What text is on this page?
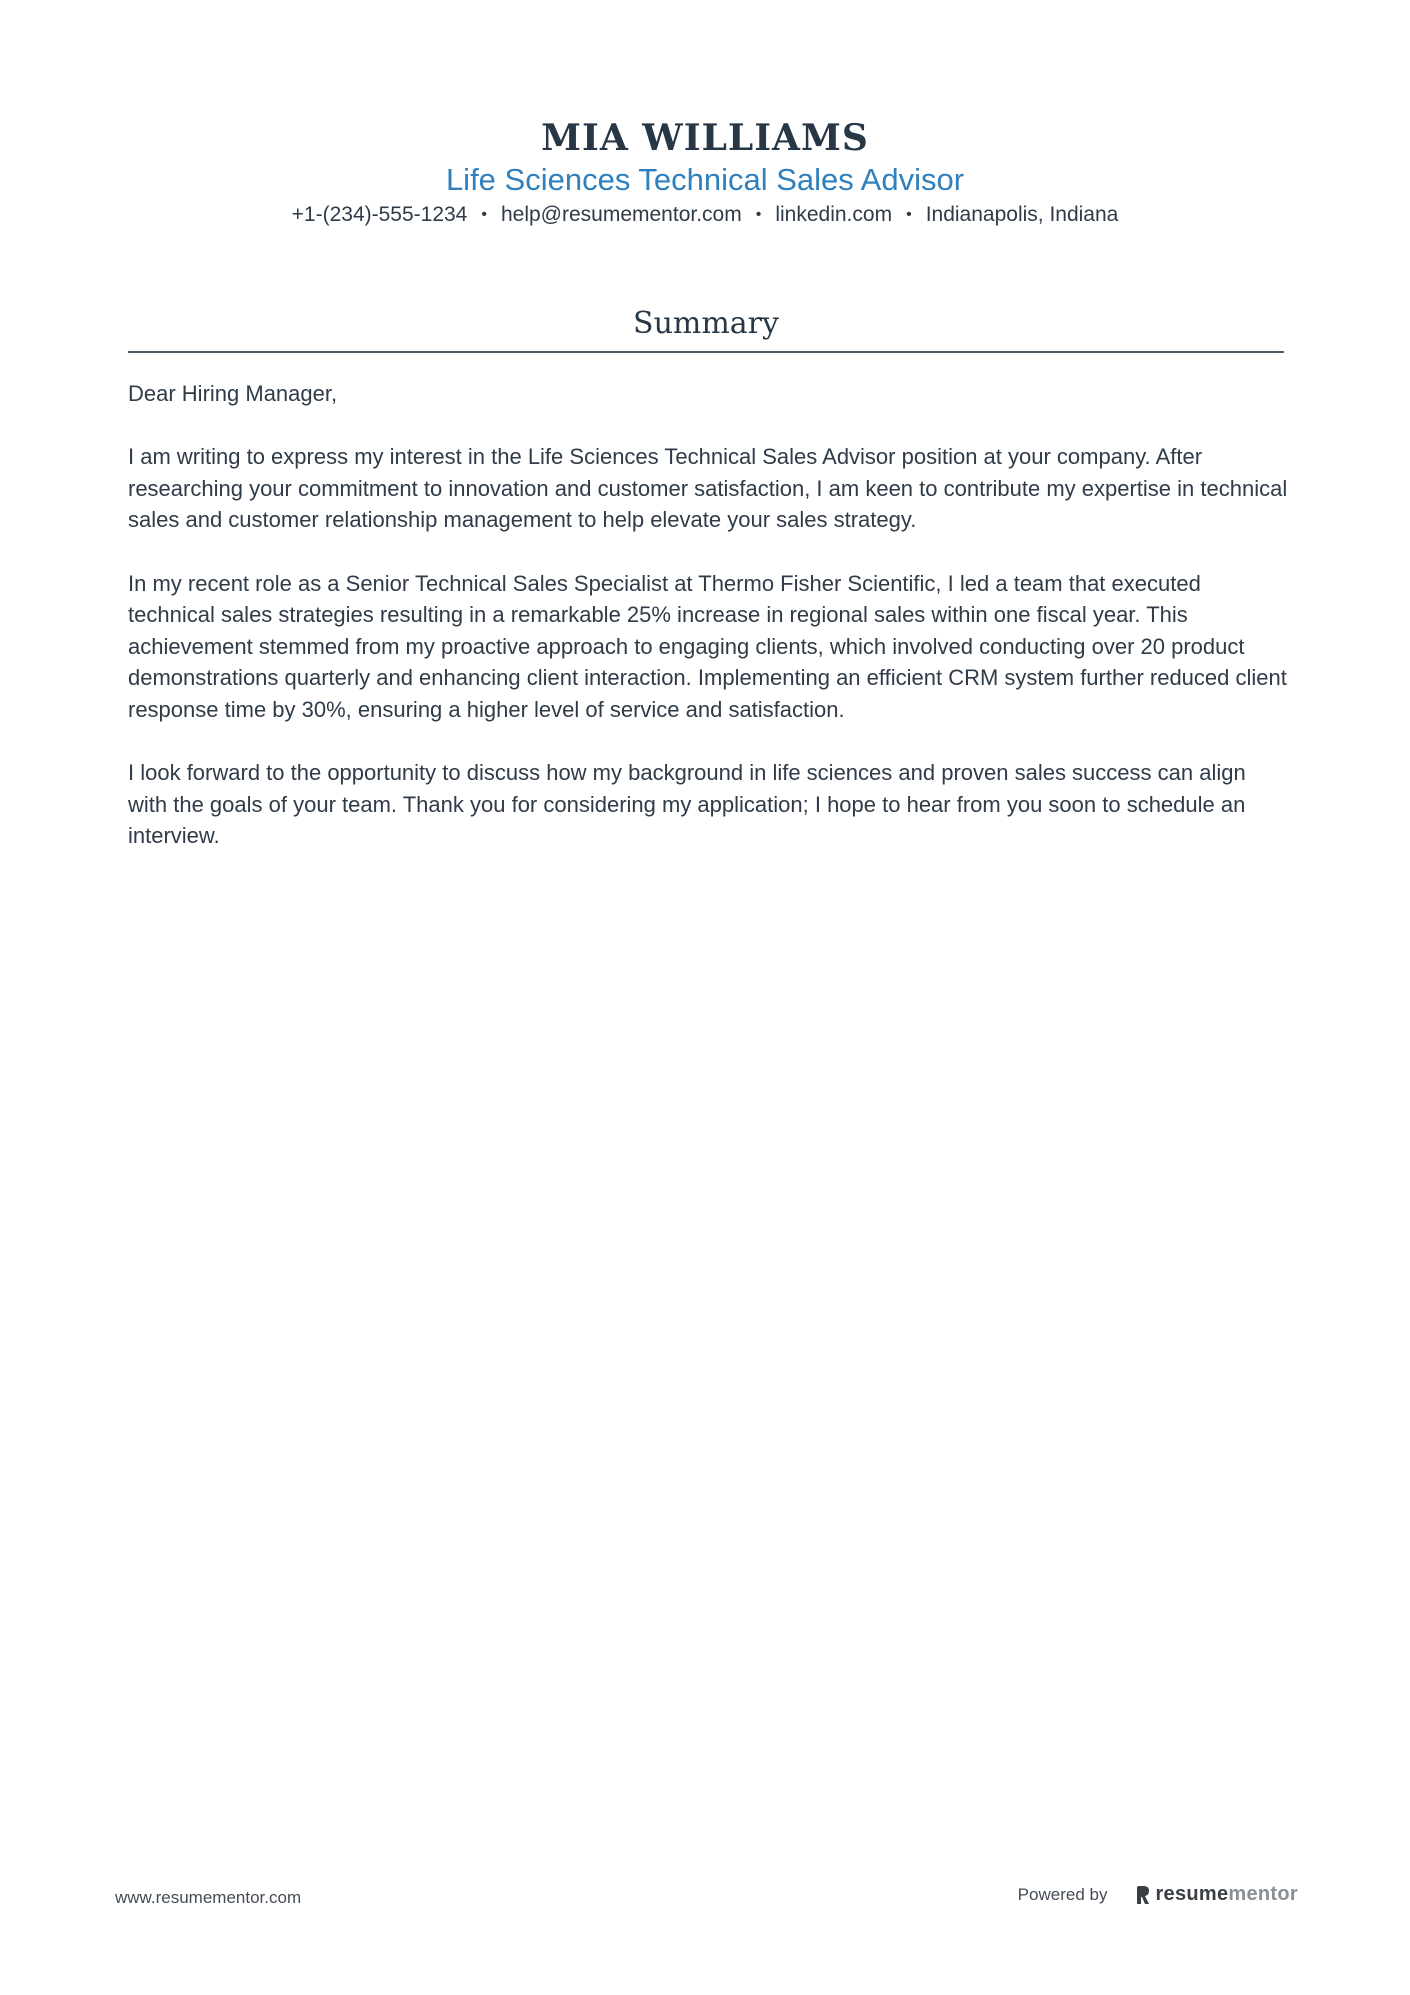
MIA WILLIAMS
Life Sciences Technical Sales Advisor
+1-(234)-555-1234 • help@resumementor.com • linkedin.com • Indianapolis, Indiana
Summary

Dear Hiring Manager,

I am writing to express my interest in the Life Sciences Technical Sales Advisor position at your company. After researching your commitment to innovation and customer satisfaction, I am keen to contribute my expertise in technical sales and customer relationship management to help elevate your sales strategy.

In my recent role as a Senior Technical Sales Specialist at Thermo Fisher Scientific, I led a team that executed technical sales strategies resulting in a remarkable 25% increase in regional sales within one fiscal year. This achievement stemmed from my proactive approach to engaging clients, which involved conducting over 20 product demonstrations quarterly and enhancing client interaction. Implementing an efficient CRM system further reduced client response time by 30%, ensuring a higher level of service and satisfaction.

I look forward to the opportunity to discuss how my background in life sciences and proven sales success can align with the goals of your team. Thank you for considering my application; I hope to hear from you soon to schedule an interview.

www.resumementor.com	Powered by resume mentor
